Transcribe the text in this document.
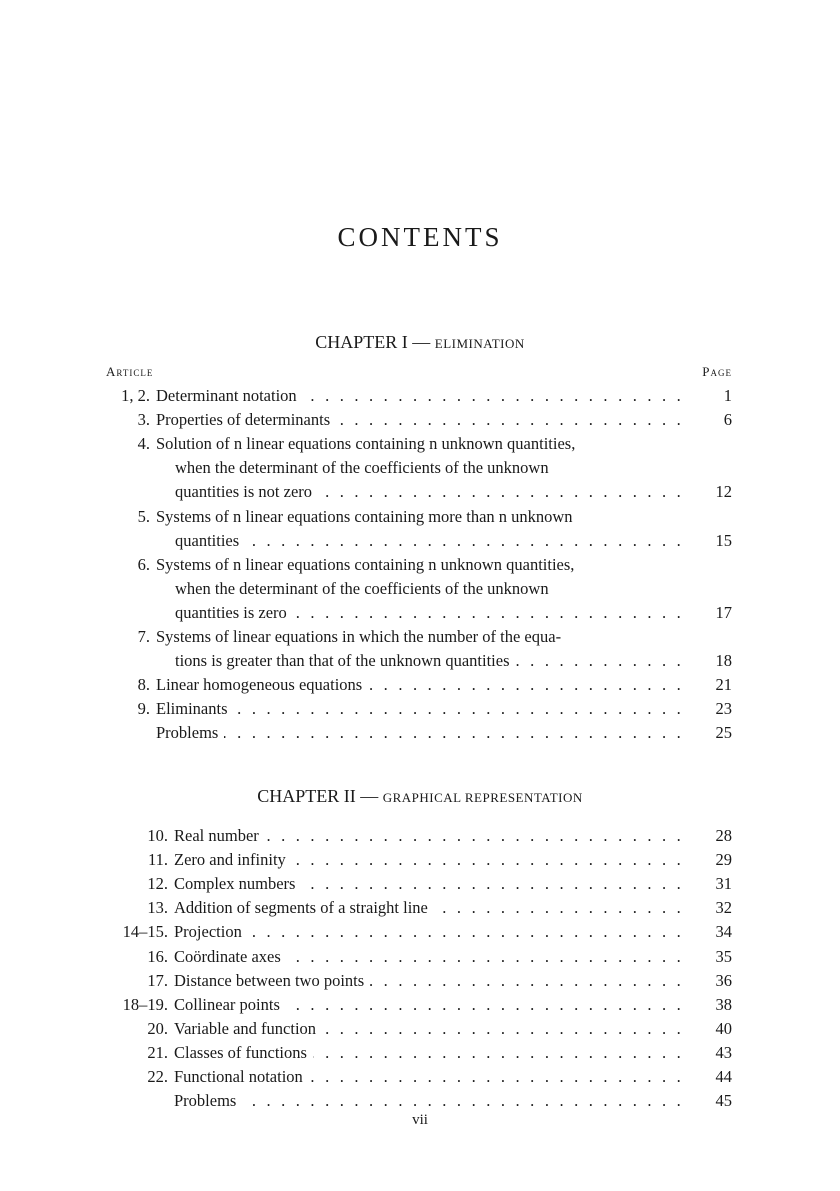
CONTENTS
CHAPTER I — ELIMINATION
Article	Page
1, 2. Determinant notation . . .	1
3. Properties of determinants . . .	6
4. Solution of n linear equations containing n unknown quantities,
when the determinant of the coefficients of the unknown
quantities is not zero . . .	12
5. Systems of n linear equations containing more than n unknown
quantities . . .	15
6. Systems of n linear equations containing n unknown quantities,
when the determinant of the coefficients of the unknown
quantities is zero . . .	17
7. Systems of linear equations in which the number of the equa-
tions is greater than that of the unknown quantities . . .	18
8. Linear homogeneous equations . . .	21
9. Eliminants . . .	23
Problems . . .	25
CHAPTER II — GRAPHICAL REPRESENTATION
10. Real number . . .	28
11. Zero and infinity . . .	29
12. Complex numbers . . .	31
13. Addition of segments of a straight line . . .	32
14–15. Projection . . .	34
16. Coördinate axes . . .	35
17. Distance between two points . . .	36
18–19. Collinear points . . .	38
20. Variable and function . . .	40
21. Classes of functions . . .	43
22. Functional notation . . .	44
Problems . . .	45
vii
